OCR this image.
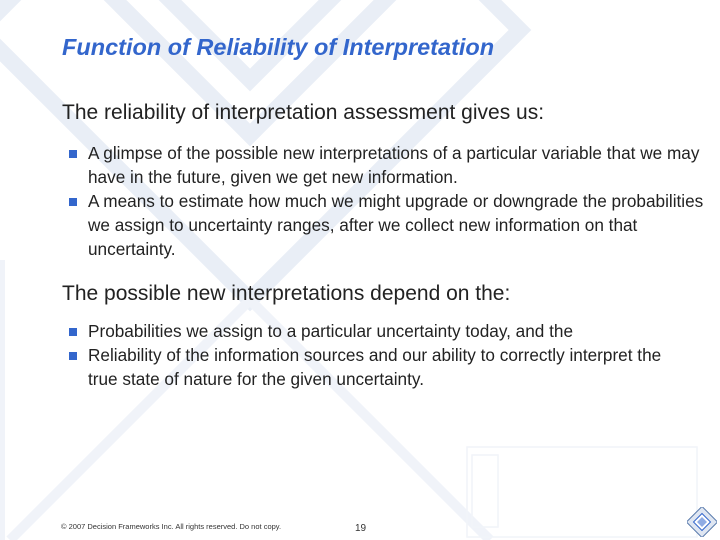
Function of Reliability of Interpretation
The reliability of interpretation assessment gives us:
A glimpse of the possible new interpretations of a particular variable that we may have in the future, given we get new information.
A means to estimate how much we might upgrade or downgrade the probabilities we assign to uncertainty ranges, after we collect new information on that uncertainty.
The possible new interpretations depend on the:
Probabilities we assign to a particular uncertainty today, and the
Reliability of the information sources and our ability to correctly interpret the true state of nature for the given uncertainty.
© 2007 Decision Frameworks Inc. All rights reserved. Do not copy.	19
